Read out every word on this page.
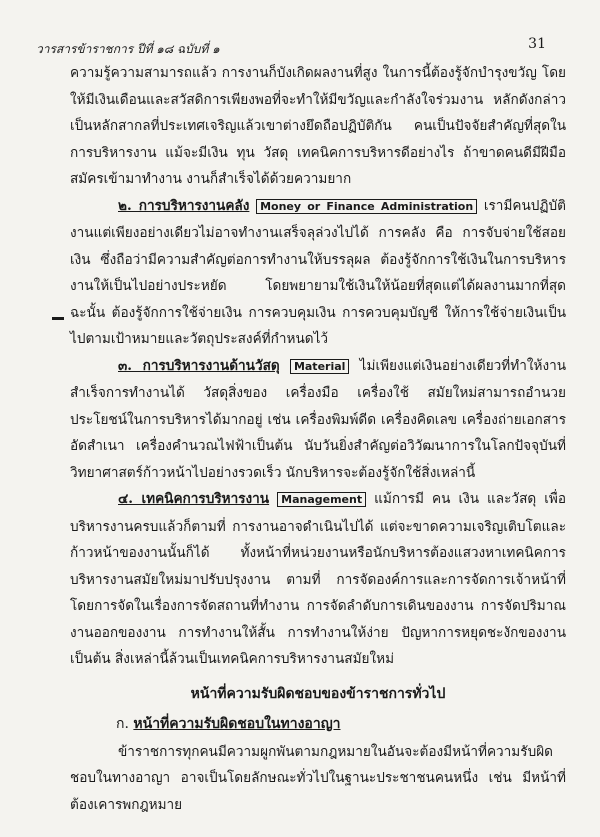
วารสารข้าราชการ ปีที่ ๑๘ ฉบับที่ ๑	31

ความรู้ความสามารถแล้ว การงานก็บังเกิดผลงานที่สูง ในการนี้ต้องรู้จักบำรุงขวัญ โดยให้มีเงินเดือนและสวัสดิการเพียงพอที่จะทำให้มีขวัญและกำลังใจร่วมงาน หลักดังกล่าวเป็นหลักสากลที่ประเทศเจริญแล้วเขาต่างยึดถือปฏิบัติกัน คนเป็นปัจจัยสำคัญที่สุดในการบริหารงาน แม้จะมีเงิน ทุน วัสดุ เทคนิคการบริหารดีอย่างไร ถ้าขาดคนดีมีฝีมือสมัครเข้ามาทำงาน งานก็สำเร็จได้ด้วยความยาก

๒. การบริหารงานคลัง Money or Finance Administration เรามีคนปฏิบัติงานแต่เพียงอย่างเดียวไม่อาจทำงานเสร็จลุล่วงไปได้ การคลัง คือ การจับจ่ายใช้สอยเงิน ซึ่งถือว่ามีความสำคัญต่อการทำงานให้บรรลุผล ต้องรู้จักการใช้เงินในการบริหารงานให้เป็นไปอย่างประหยัด โดยพยายามใช้เงินให้น้อยที่สุดแต่ได้ผลงานมากที่สุด ฉะนั้น ต้องรู้จักการใช้จ่ายเงิน การควบคุมเงิน การควบคุมบัญชี ให้การใช้จ่ายเงินเป็นไปตามเป้าหมายและวัตถุประสงค์ที่กำหนดไว้

๓. การบริหารงานด้านวัสดุ Material ไม่เพียงแต่เงินอย่างเดียวที่ทำให้งานสำเร็จการทำงานได้ วัสดุสิ่งของ เครื่องมือ เครื่องใช้ สมัยใหม่สามารถอำนวยประโยชน์ในการบริหารได้มากอยู่ เช่น เครื่องพิมพ์ดีด เครื่องคิดเลข เครื่องถ่ายเอกสารอัดสำเนา เครื่องคำนวณไฟฟ้าเป็นต้น นับวันยิ่งสำคัญต่อวิวัฒนาการในโลกปัจจุบันที่วิทยาศาสตร์ก้าวหน้าไปอย่างรวดเร็ว นักบริหารจะต้องรู้จักใช้สิ่งเหล่านี้

๔. เทคนิคการบริหารงาน Management แม้การมี คน เงิน และวัสดุ เพื่อบริหารงานครบแล้วก็ตามที่ การงานอาจดำเนินไปได้ แต่จะขาดความเจริญเติบโตและก้าวหน้าของงานนั้นก็ได้ ทั้งหน้าที่หน่วยงานหรือนักบริหารต้องแสวงหาเทคนิคการบริหารงานสมัยใหม่มาปรับปรุงงาน ตามที่ การจัดองค์การและการจัดการเจ้าหน้าที่ โดยการจัดในเรื่องการจัดสถานที่ทำงาน การจัดลำดับการเดินของงาน การจัดปริมาณงานออกของงาน การทำงานให้สั้น การทำงานให้ง่าย ปัญหาการหยุดชะงักของงาน เป็นต้น สิ่งเหล่านี้ล้วนเป็นเทคนิคการบริหารงานสมัยใหม่

หน้าที่ความรับผิดชอบของข้าราชการทั่วไป
ก. หน้าที่ความรับผิดชอบในทางอาญา

ข้าราชการทุกคนมีความผูกพันตามกฎหมายในอันจะต้องมีหน้าที่ความรับผิดชอบในทางอาญา อาจเป็นโดยลักษณะทั่วไปในฐานะประชาชนคนหนึ่ง เช่น มีหน้าที่ต้องเคารพกฎหมาย
